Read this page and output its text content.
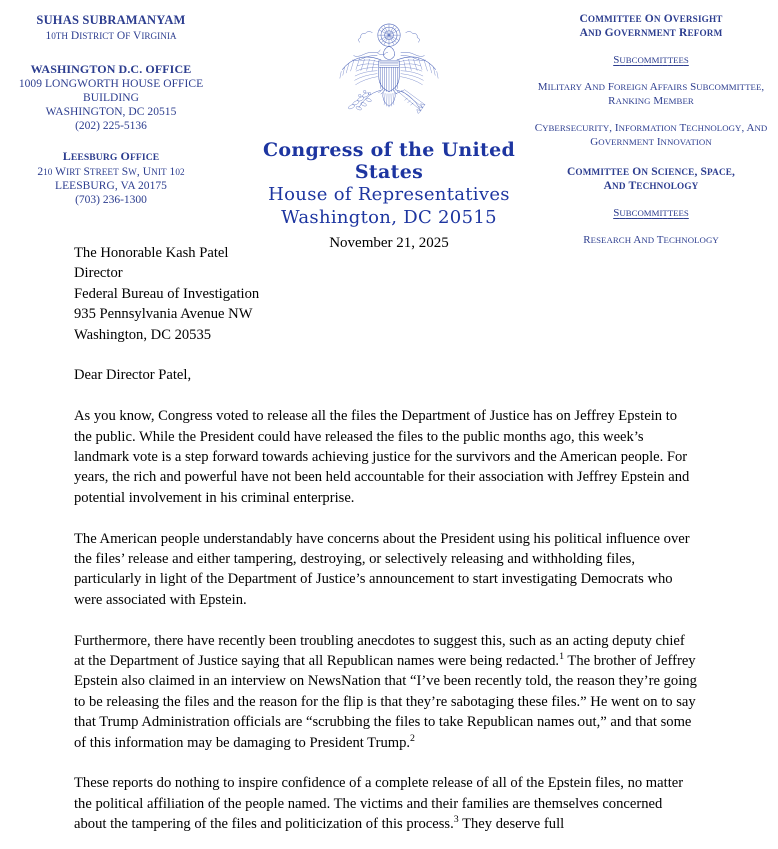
SUHAS SUBRAMANYAM
10TH DISTRICT OF VIRGINIA
WASHINGTON D.C. OFFICE
1009 LONGWORTH HOUSE OFFICE
BUILDING
WASHINGTON, DC 20515
(202) 225-5136
LEESBURG OFFICE
210 WIRT STREET SW, UNIT 102
LEESBURG, VA 20175
(703) 236-1300
Congress of the United States
House of Representatives
Washington, DC 20515
November 21, 2025
COMMITTEE ON OVERSIGHT
AND GOVERNMENT REFORM
SUBCOMMITTEES
MILITARY AND FOREIGN AFFAIRS SUBCOMMITTEE, RANKING MEMBER
CYBERSECURITY, INFORMATION TECHNOLOGY, AND GOVERNMENT INNOVATION
COMMITTEE ON SCIENCE, SPACE,
AND TECHNOLOGY
SUBCOMMITTEES
RESEARCH AND TECHNOLOGY
The Honorable Kash Patel
Director
Federal Bureau of Investigation
935 Pennsylvania Avenue NW
Washington, DC 20535
Dear Director Patel,

As you know, Congress voted to release all the files the Department of Justice has on Jeffrey Epstein to the public. While the President could have released the files to the public months ago, this week’s landmark vote is a step forward towards achieving justice for the survivors and the American people. For years, the rich and powerful have not been held accountable for their association with Jeffrey Epstein and potential involvement in his criminal enterprise.

The American people understandably have concerns about the President using his political influence over the files’ release and either tampering, destroying, or selectively releasing and withholding files, particularly in light of the Department of Justice’s announcement to start investigating Democrats who were associated with Epstein.

Furthermore, there have recently been troubling anecdotes to suggest this, such as an acting deputy chief at the Department of Justice saying that all Republican names were being redacted.$^1$ The brother of Jeffrey Epstein also claimed in an interview on NewsNation that “I’ve been recently told, the reason they’re going to be releasing the files and the reason for the flip is that they’re sabotaging these files.” He went on to say that Trump Administration officials are “scrubbing the files to take Republican names out,” and that some of this information may be damaging to President Trump.$^2$

These reports do nothing to inspire confidence of a complete release of all of the Epstein files, no matter the political affiliation of the people named. The victims and their families are themselves concerned about the tampering of the files and politicization of this process.$^3$ They deserve full
